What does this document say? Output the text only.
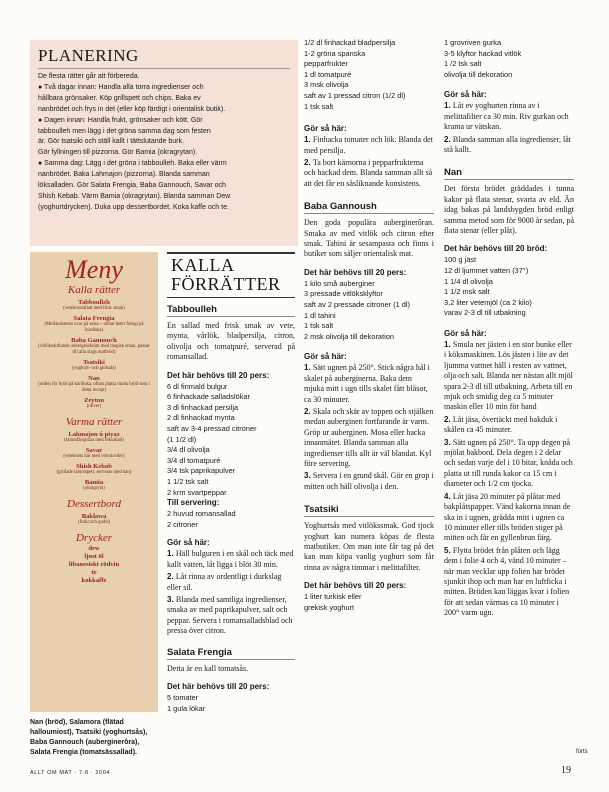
PLANERING
De flesta rätter går att förbereda.
● Två dagar innan: Handla alla torra ingredienser och
hållbara grönsaker. Köp grillspett och chips. Baka ev
nanbrödet och frys in det (eller köp färdigt i orientalisk butik).
● Dagen innan: Handla frukt, grönsaker och kött. Gör
tabboulleh men lägg i det gröna samma dag som festen
är. Gör tsatsiki och ställ kallt i tättslutande burk.
Gör fyllningen till pizzorna. Gör Bamia (okragrytan).
● Samma dag: Lägg i det gröna i tabboulleh. Baka eller värm
nanbrödet. Baka Lahmajon (pizzorna). Blanda samman
löksalladen. Gör Salata Frengia, Baba Gannouch, Savar och
Shish Kebab. Värm Bamia (okragrytan). Blanda samman Dew
(yoghurtdrycken). Duka upp dessertbordet. Koka kaffe och te.
Meny
Kalla rätter
Tabboulleh
(vetekrossallad med frisk smak)
Salata Frengia
(Mellanösterns svar på salsa – tomat heter frengi på kurdiska)
Baba Gannouch
(vitlöksdoftande auberginekräm med magisk smak, passar till alla slags matbröd)
Tsatsiki
(yoghurt- och gurksås)
Nan
(orden för bröd på kurdiska, oftast platta runda bröd som i detta recept)
Zeyton
(oliver)
Varma rätter
Lahmajon ú piyaz
(lammfärspizza med löksallad)
Savar
(vetekross här med vermiceller)
Shish Kebab
(grillade lammspett, serveras med nan)
Bamia
(okragryta)
Dessertbord
Baklawa
(frukt och godis)
Drycker
dew
ljust öl
libanesiskt rödvin
te
kokkaffe
Nan (bröd), Salamora (flätad
halloumiost), Tsatsiki (yoghurtsås),
Baba Gannouch (auberginerôra),
Salata Frengia (tomatsässallad).
ALLT OM MAT · 7-8 · 2004	19
forts
KALLA
FÖRRÄTTER
Tabboulleh
En sallad med frisk smak av vete, mynta, vårlök, bladpersilja, citron, olivolja och tomatpuré, serverad på romansallad.
Det här behövs till 20 pers:
6 dl finmald bulgur
6 finhackade salladslökar
3 dl finhackad persilja
2 dl finhackad mynta
saft av 3-4 pressad citroner
(1 1/2 dl)
3/4 dl olivolja
3/4 dl tomatpuré
3/4 tsk paprikapulver
1 1/2 tsk salt
2 krm svartpeppar
Till servering:
2 huvud romansallad
2 citroner
Gör så här:
1. Häll bulguren i en skål och täck med kallt vatten, låt ligga i blöt 30 min.
2. Låt rinna av ordentligt i durkslag eller sil.
3. Blanda med samtliga ingredienser, smaka av med paprikapulver, salt och peppar. Servera i romansalladsblad och pressa över citron.
Salata Frengia
Detta är en kall tomatsås.
Det här behövs till 20 pers:
5 tomater
1 gula lökar
1/2 dl finhackad bladpersilja
1-2 gröna spanska
pepparfrukter
1 dl tomatpuré
3 msk olivolja
saft av 1 pressad citron (1/2 dl)
1 tsk salt
Gör så här:
1. Finhacka tomater och lök. Blanda det med persilja.
2. Ta bort kärnorna i pepparfrukterna och hackad dem. Blanda samman allt så att det får en såsliknande konsistens.
Baba Gannoush
Den goda populära auberginerôran. Smaka av med vitlök och citron efter smak. Tahini är sesampasta och finns i butiker som säljer orientalisk mat.
Det här behövs till 20 pers:
1 kilo små auberginer
3 pressade vitlöksklyftor
saft av 2 pressade citroner (1 dl)
1 dl tahini
1 tsk salt
2 msk olivolja till dekoration
Gör så här:
1. Sätt ugnen på 250°. Stick några hål i skalet på auberginerna. Baka dem mjuka mitt i ugn tills skalet fått blåsor, ca 30 minuter.
2. Skala och skär av toppen och stjälken medan auberginen fortfarande är varm. Gröp ur auberginen. Mosa eller hacka innanmätet. Blanda samman alla ingredienser tills allt är väl blandat. Kyl före servering.
3. Servera i en grund skål. Gör en grop i mitten och häll olivolja i den.
Tsatsiki
Yoghurtsås med vitlökssmak. God tjock yoghurt kan numera köpas de flesta matbutiker. Om man inte får tag på det kan man köpa vanlig yoghurt som får rinna av några timmar i melittafilter.
Det här behövs till 20 pers:
1 liter turkisk eller
grekisk yoghurt
1 grovriven gurka
3-5 klyftor hackad vitlök
1 /2 tsk salt
olivolja till dekoration
Gör så här:
1. Låt ev yoghurten rinna av i melittafilter ca 30 min. Riv gurkan och krama ur vätskan.
2. Blanda samman alla ingredienser, låt stå kallt.
Nan
Det första brödet gräddades i tunna kakor på flata stenar, svarta av eld. Än idag bakas på landsbygden bröd enligt samma metod som för 9000 år sedan, på flata stenar (eller plåt).
Det här behövs till 20 bröd:
100 g jäst
12 dl ljummet vatten (37°)
1 1/4 dl olivolja
1 1/2 msk salt
3,2 liter vetemjöl (ca 2 kilo)
varav 2-3 dl till utbakning
Gör så här:
1. Smula ner jästen i en stor bunke eller i köksmaskinen. Lös jästen i lite av det ljumma vattnet häll i resten av vattnet, olja och salt. Blanda ner nästan allt mjöl spara 2-3 dl till utbakning. Arbeta till en mjuk och smidig deg ca 5 minuter maskin eller 10 min för hand
2. Låt jäsa, övertäckt med bakduk i skålen ca 45 minuter.
3. Sätt ugnen på 250°. Ta upp degen på mjölat bakbord. Dela degen i 2 delar och sedan varje del i 10 bitar, knåda och platta ut till runda kakor ca 15 cm i diameter och 1/2 cm tjocka.
4. Låt jäsa 20 minuter på plåtar med bakplåtspapper. Vänd kakorna innan de ska in i ugnen, grädda mitt i ugnen ca 10 minuter eller tills bröden stiger på mitten och får en gyllenbrun färg.
5. Flytta brödet från plåten och lägg dem i folie 4 och 4, vänd 10 minuter – när man vecklar upp folien har brödet sjunkit ihop och man har en luftficka i mitten. Bröden kan läggas kvar i folien för att sedan värmas ca 10 minuter i 200° varm ugn.
